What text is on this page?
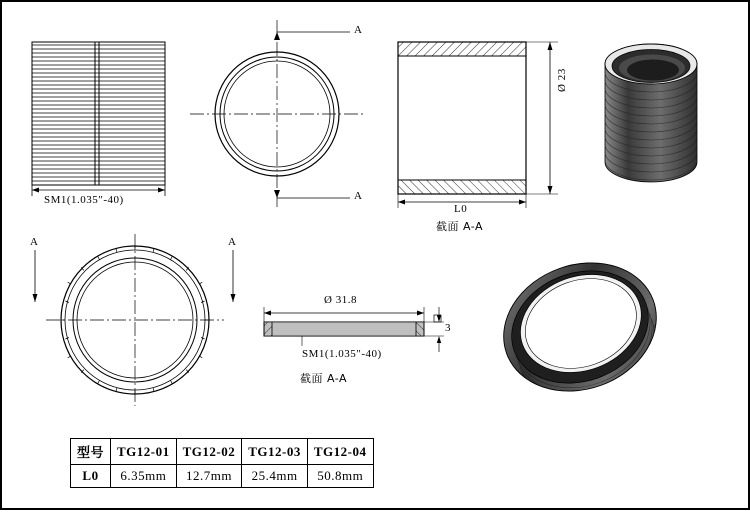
SM1(1.035″-40)
A
A
Ø 23
L0
截面 A-A
A	A
Ø 31.8
3
SM1(1.035″-40)
截面 A-A
型号	TG12-01	TG12-02	TG12-03	TG12-04
L0	6.35mm	12.7mm	25.4mm	50.8mm
